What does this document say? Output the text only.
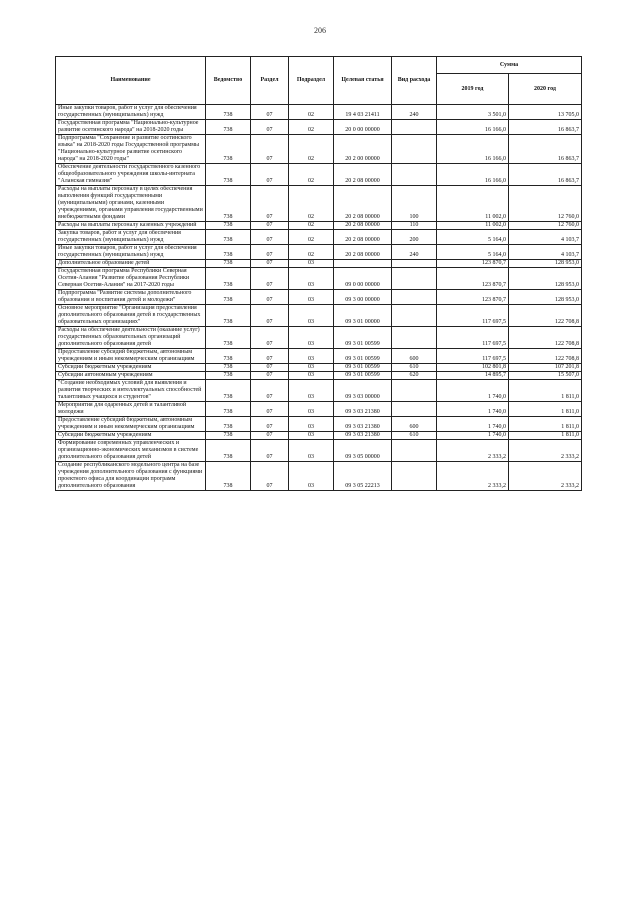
206
Наименование	Ведомство	Раздел	Подраздел	Целевая статья	Вид расхода	Сумма	
						2019 год	2020 год
Иные закупки товаров, работ и услуг для обеспечения государственных (муниципальных) нужд	738	07	02	19 4 03 21411	240	3 501,0	13 705,0
Государственная программа "Национально-культурное развитие осетинского народа" на 2018-2020 годы	738	07	02	20 0 00 00000		16 166,0	16 863,7
Подпрограмма "Сохранение и развитие осетинского языка" на 2018-2020 годы Государственной программы "Национально-культурное развитие осетинского народа" на 2018-2020 годы"	738	07	02	20 2 00 00000		16 166,0	16 863,7
Обеспечение деятельности государственного казенного общеобразовательного учреждения школы-интерната "Аланская гимназия"	738	07	02	20 2 08 00000		16 166,0	16 863,7
Расходы на выплаты персоналу в целях обеспечения выполнения функций государственными (муниципальными) органами, казенными учреждениями, органами управления государственными внебюджетными фондами	738	07	02	20 2 08 00000	100	11 002,0	12 760,0
Расходы на выплаты персоналу казенных учреждений	738	07	02	20 2 08 00000	110	11 002,0	12 760,0
Закупка товаров, работ и услуг для обеспечения государственных (муниципальных) нужд	738	07	02	20 2 08 00000	200	5 164,0	4 103,7
Иные закупки товаров, работ и услуг для обеспечения государственных (муниципальных) нужд	738	07	02	20 2 08 00000	240	5 164,0	4 103,7
Дополнительное образование детей	738	07	03			123 870,7	128 953,0
Государственная программа Республики Северная Осетия-Алания "Развитие образования Республики Северная Осетия-Алания" на 2017-2020 годы	738	07	03	09 0 00 00000		123 870,7	128 953,0
Подпрограмма "Развитие системы дополнительного образования и воспитания детей и молодежи"	738	07	03	09 3 00 00000		123 870,7	128 953,0
Основное мероприятие "Организация предоставления дополнительного образования детей в государственных образовательных организациях"	738	07	03	09 3 01 00000		117 697,5	122 708,8
Расходы на обеспечение деятельности (оказание услуг) государственных образовательных организаций дополнительного образования детей	738	07	03	09 3 01 00599		117 697,5	122 708,8
Предоставление субсидий бюджетным, автономным учреждениям и иным некоммерческим организациям	738	07	03	09 3 01 00599	600	117 697,5	122 708,8
Субсидии бюджетным учреждениям	738	07	03	09 3 01 00599	610	102 801,8	107 201,8
Субсидии автономным учреждениям	738	07	03	09 3 01 00599	620	14 895,7	15 507,0
"Создание необходимых условий для выявления и развития творческих и интеллектуальных способностей талантливых учащихся и студентов"	738	07	03	09 3 03 00000		1 740,0	1 811,0
Мероприятия для одаренных детей и талантливой молодежи	738	07	03	09 3 03 21380		1 740,0	1 811,0
Предоставление субсидий бюджетным, автономным учреждениям и иным некоммерческим организациям	738	07	03	09 3 03 21380	600	1 740,0	1 811,0
Субсидии бюджетным учреждениям	738	07	03	09 3 03 21380	610	1 740,0	1 811,0
Формирование современных управленческих и организационно-экономических механизмов в системе дополнительного образования детей	738	07	03	09 3 05 00000		2 333,2	2 333,2
Создание республиканского модельного центра на базе учреждения дополнительного образования с функциями проектного офиса для координации программ дополнительного образования	738	07	03	09 3 05 22213		2 333,2	2 333,2
